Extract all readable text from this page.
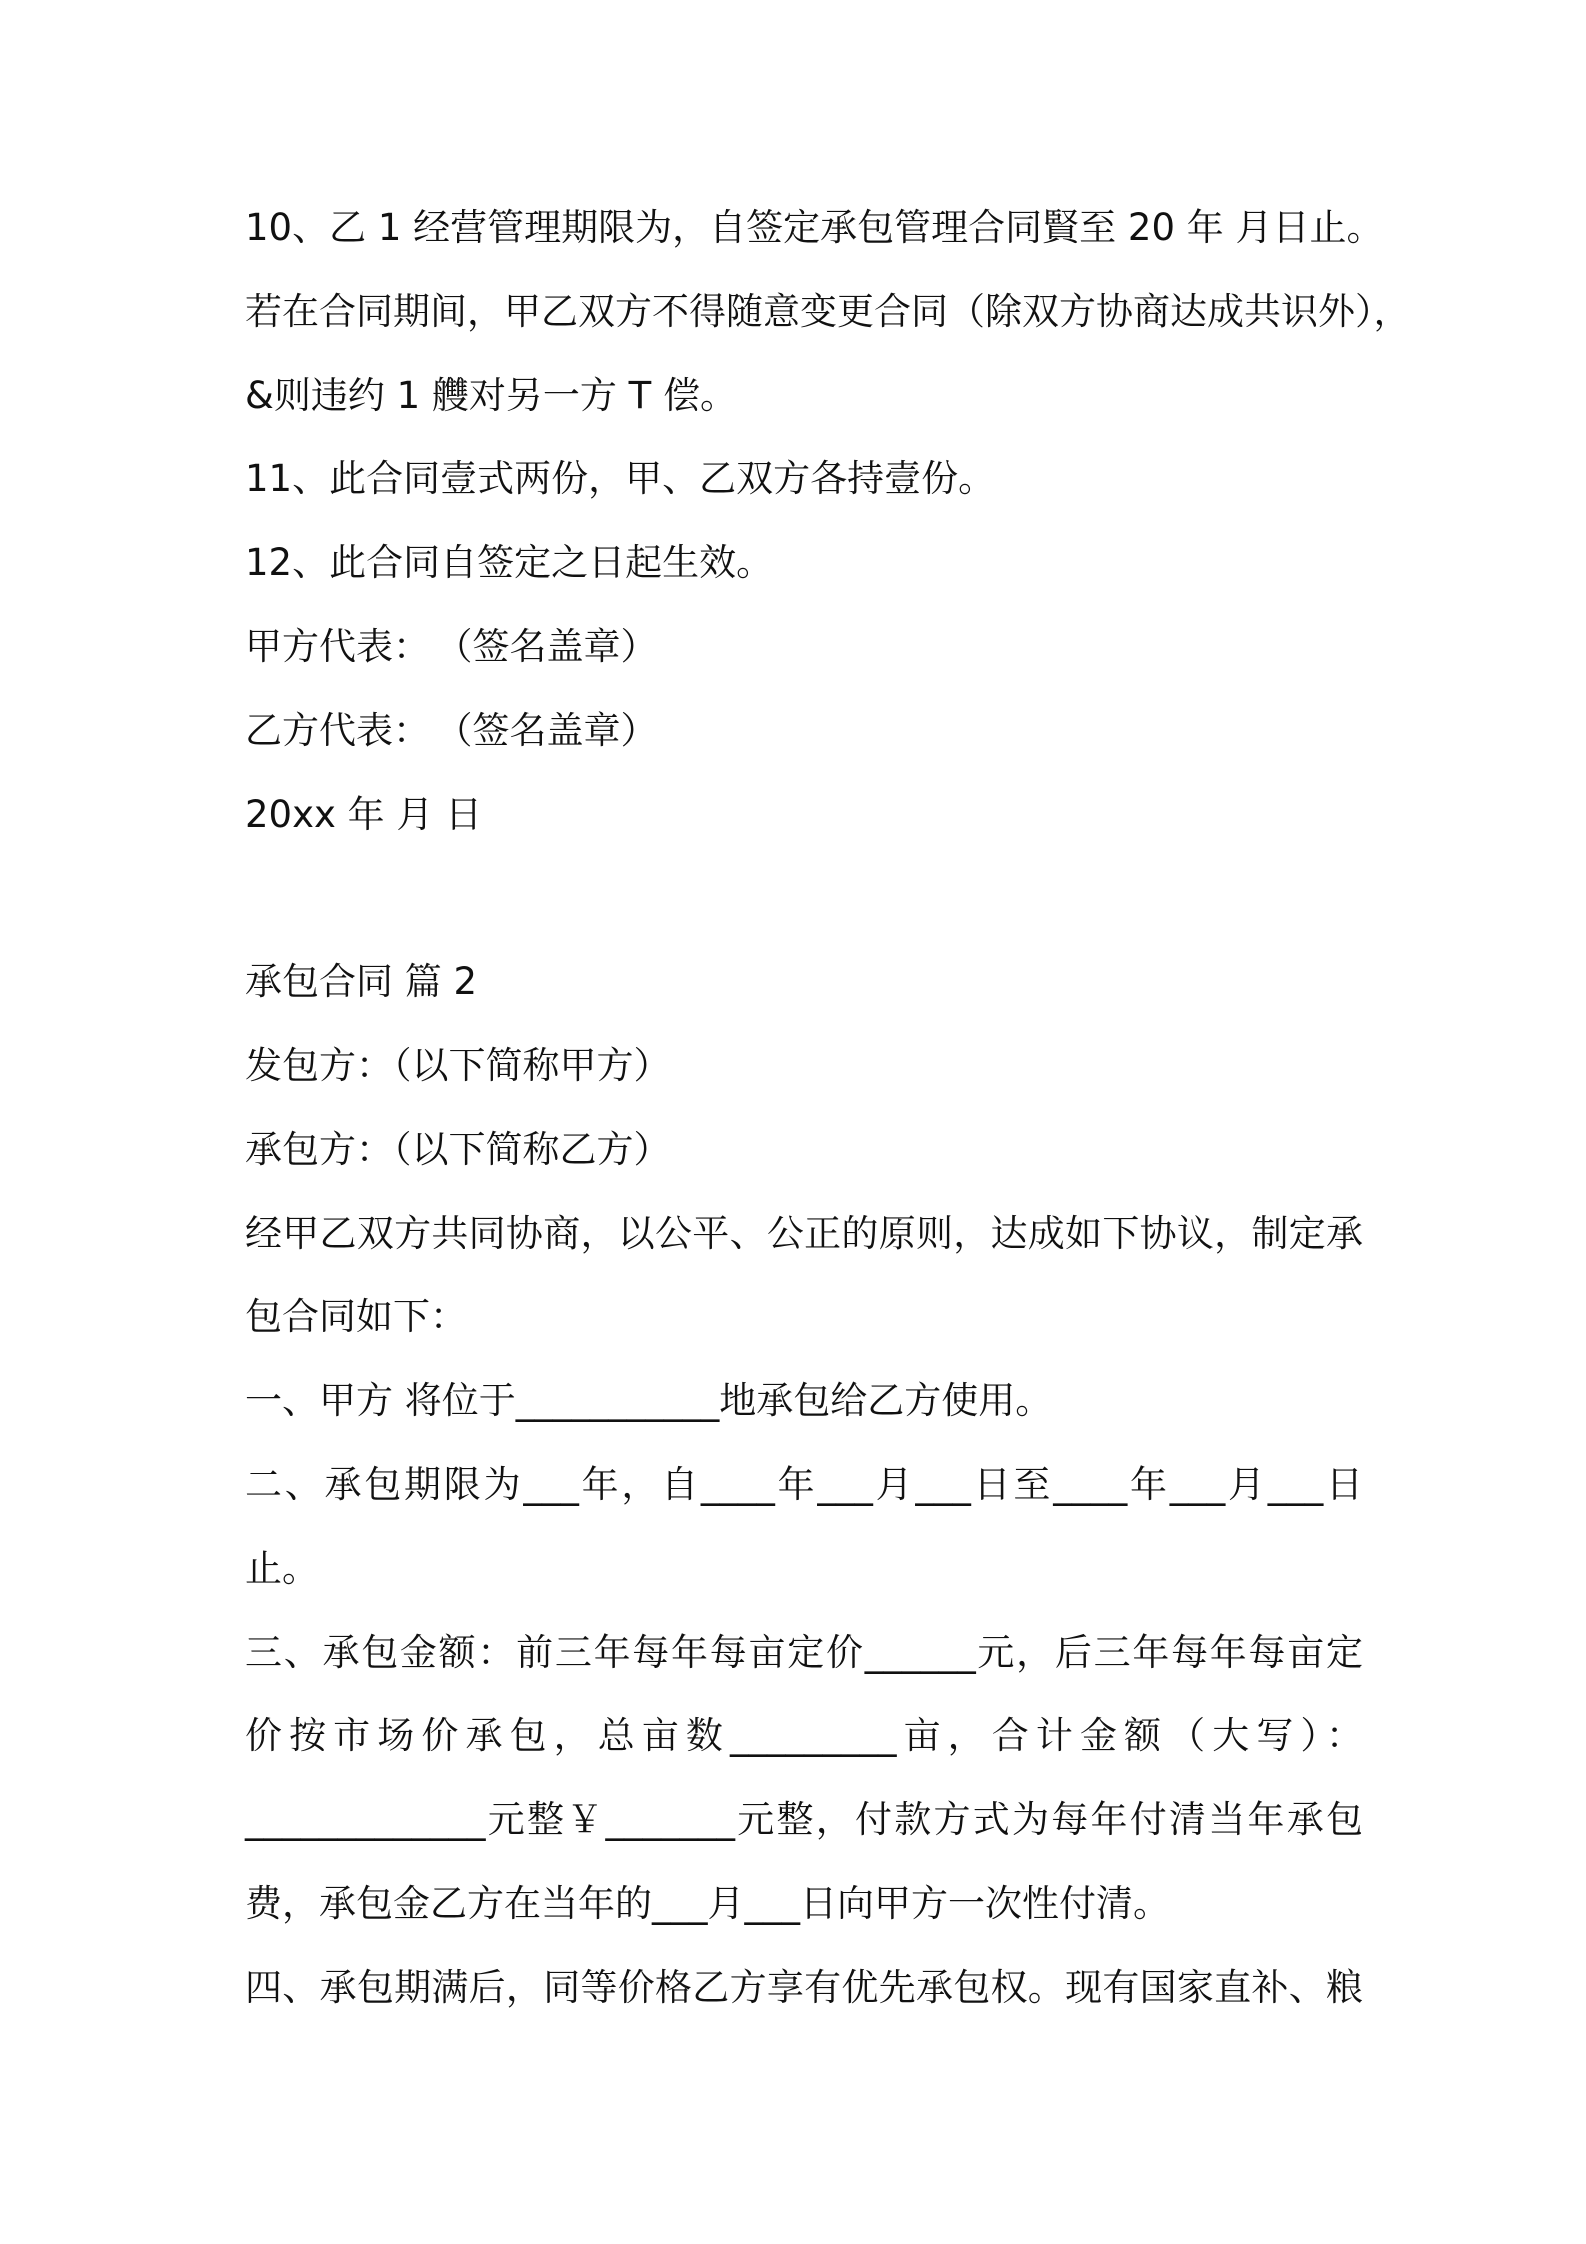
10、乙 1 经营管理期限为，自签定承包管理合同賢至 20 年 月日止。
若在合同期间，甲乙双方不得随意变更合同（除双方协商达成共识外），
&则违约 1 艭对另一方 T 偿。
11、此合同壹式两份，甲、乙双方各持壹份。
12、此合同自签定之日起生效。
甲方代表： （签名盖章）
乙方代表： （签名盖章）
20xx 年 月 日
承包合同 篇 2
发包方：（以下简称甲方）
承包方：（以下简称乙方）
经甲乙双方共同协商，以公平、公正的原则，达成如下协议，制定承
包合同如下：
一、甲方 将位于___________地承包给乙方使用。
二、承包期限为___年，自____年___月___日至____年___月___日
止。
三、承包金额：前三年每年每亩定价______元，后三年每年每亩定
价按市场价承包，总亩数_________亩，合计金额（大写）：
_____________元整￥_______元整，付款方式为每年付清当年承包
费，承包金乙方在当年的___月___日向甲方一次性付清。
四、承包期满后，同等价格乙方享有优先承包权。现有国家直补、粮
